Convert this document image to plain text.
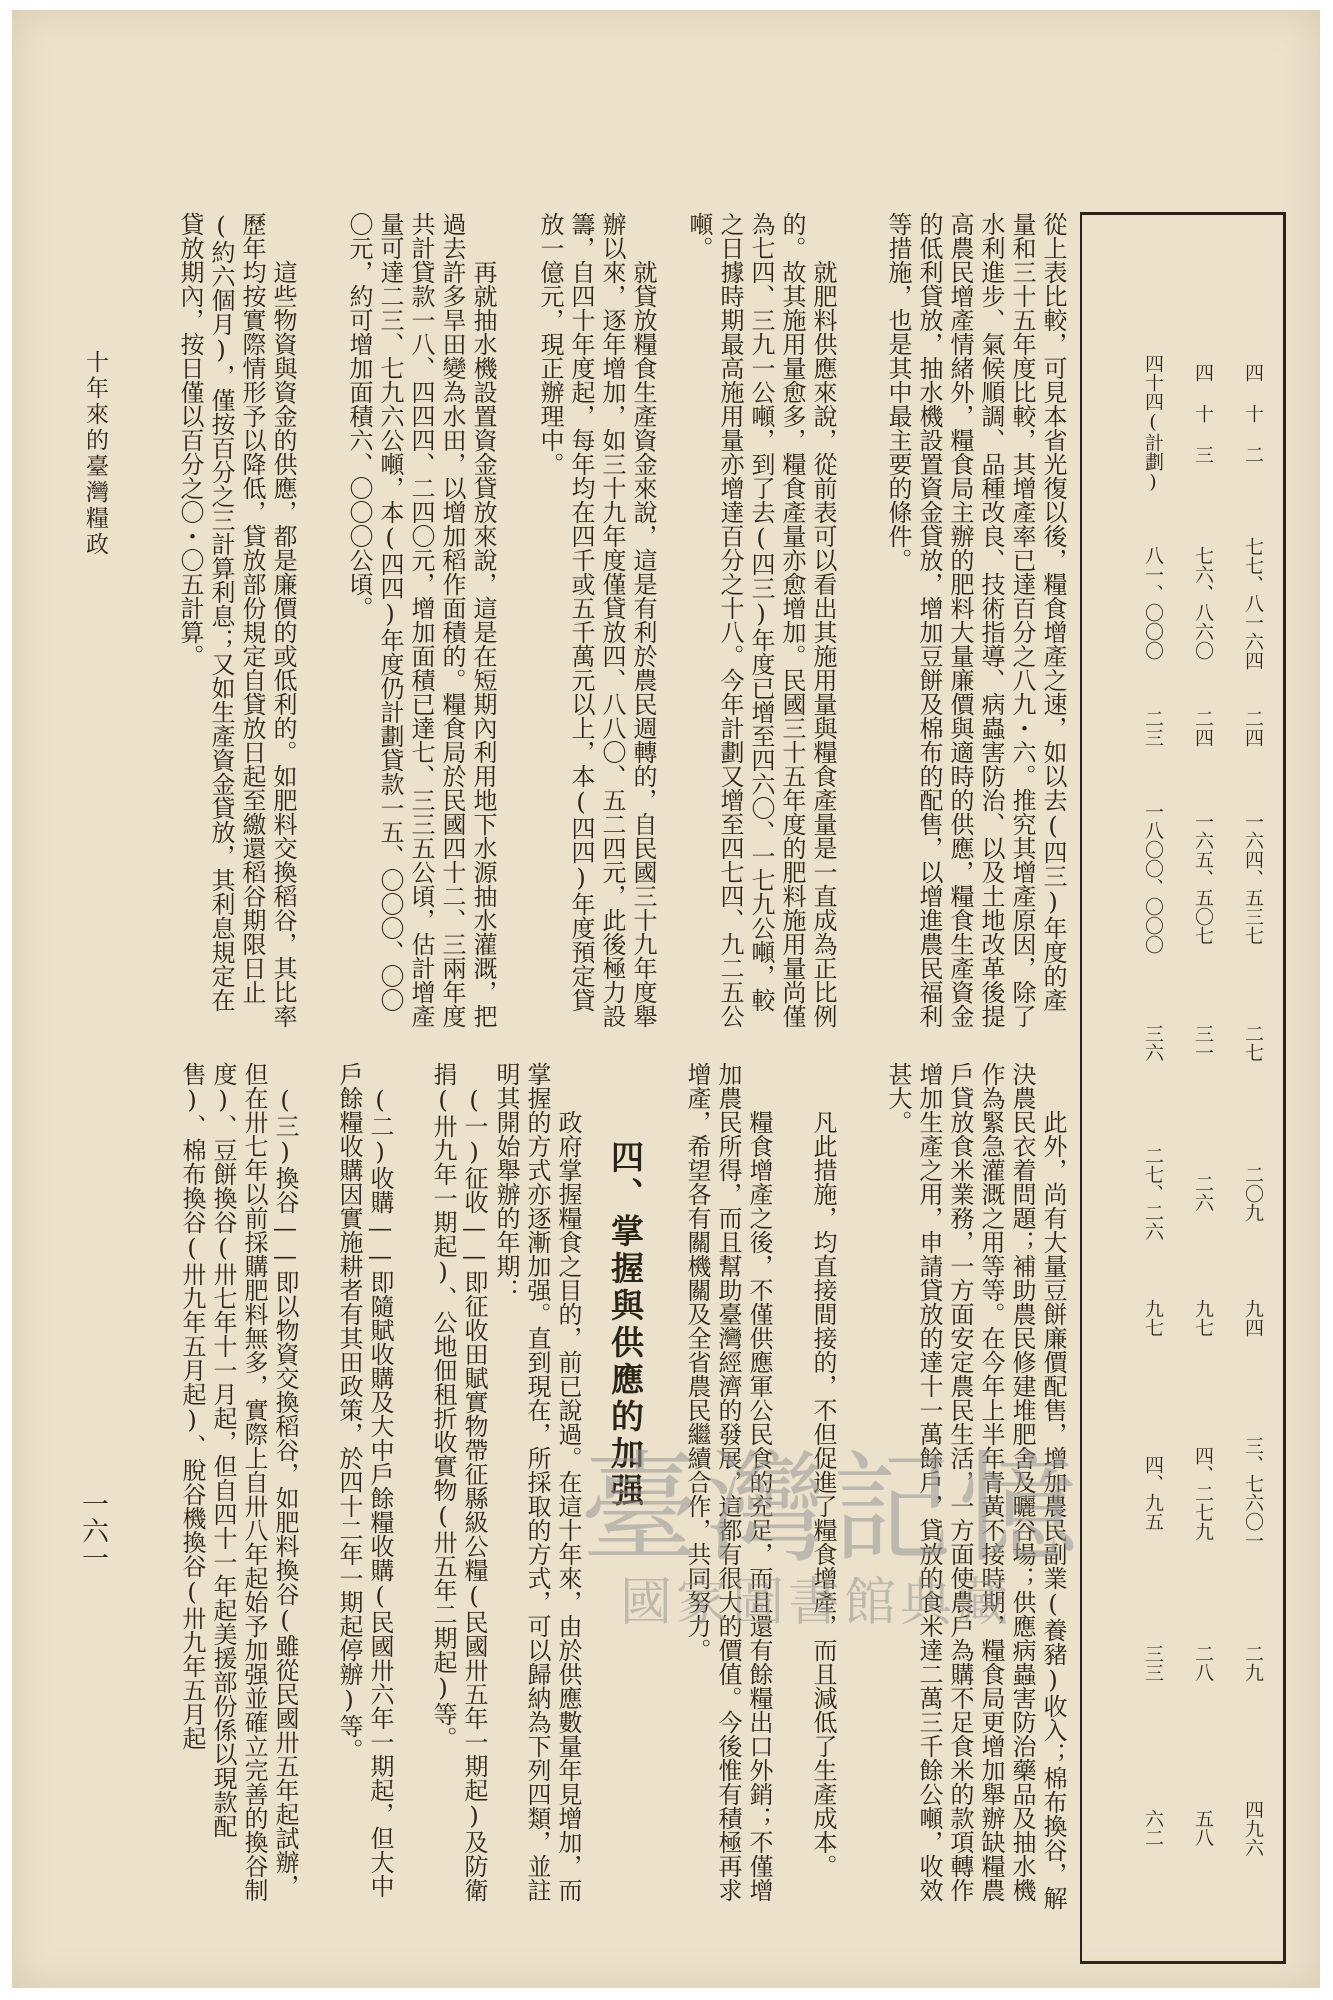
四 十 二
七七、八一六四
二四
一六四、五三七
二七
二〇九
九四
三、七六〇一
二九
四九六
四 十 三
七六、八六〇
二四
一六五、五〇七
三一
二六
九七
四、二七九
二八
五八
四十四(計劃)
八一、〇〇〇
二三
一八〇〇、〇〇〇
三六
二七、二六
九七
四、九五
三三
六二
從上表比較，可見本省光復以後，糧食增產之速，如以去(四三)年度的產量和三十五年度比較，其增產率已達百分之八九・六。推究其增產原因，除了水利進步、氣候順調、品種改良、技術指導、病蟲害防治、以及土地改革後提高農民增產情緒外，糧食局主辦的肥料大量廉價與適時的供應，糧食生產資金的低利貸放，抽水機設置資金貸放，增加豆餅及棉布的配售，以增進農民福利等措施，也是其中最主要的條件。
就肥料供應來說，從前表可以看出其施用量與糧食產量是一直成為正比例的。故其施用量愈多，糧食產量亦愈增加。民國三十五年度的肥料施用量尚僅為七四、三九一公噸，到了去(四三)年度已增至四六〇、一七九公噸，較之日據時期最高施用量亦增達百分之十八。今年計劃又增至四七四、九二五公噸。
就貸放糧食生產資金來說，這是有利於農民週轉的，自民國三十九年度舉辦以來，逐年增加，如三十九年度僅貸放四、八八〇、五二四元，此後極力設籌，自四十年度起，每年均在四千或五千萬元以上，本(四四)年度預定貸放一億元，現正辦理中。
再就抽水機設置資金貸放來說，這是在短期內利用地下水源抽水灌溉，把過去許多旱田變為水田，以增加稻作面積的。糧食局於民國四十二、三兩年度共計貸款一八、四四四、二四〇元，增加面積已達七、三三五公頃，估計增產量可達二三、七九六公噸，本(四四)年度仍計劃貸款一五、〇〇〇、〇〇〇元，約可增加面積六、〇〇〇公頃。
這些物資與資金的供應，都是廉價的或低利的。如肥料交換稻谷，其比率歷年均按實際情形予以降低，貸放部份規定自貸放日起至繳還稻谷期限日止(約六個月)，僅按百分之三計算利息；又如生產資金貸放，其利息規定在貸放期內，按日僅以百分之〇・〇五計算。
此外，尚有大量豆餅廉價配售，增加農民副業(養豬)收入；棉布換谷，解決農民衣着問題；補助農民修建堆肥舍及曬谷場；供應病蟲害防治藥品及抽水機作為緊急灌溉之用等等。在今年上半年青黃不接時期，糧食局更增加舉辦缺糧農戶貸放食米業務，一方面安定農民生活，一方面使農戶為購不足食米的款項轉作增加生產之用，申請貸放的達十一萬餘戶，貸放的食米達二萬三千餘公噸，收效甚大。
凡此措施，均直接間接的，不但促進了糧食增產，而且減低了生產成本。
糧食增產之後，不僅供應軍公民食的充足，而且還有餘糧出口外銷；不僅增加農民所得，而且幫助臺灣經濟的發展，這都有很大的價值。今後惟有積極再求增產，希望各有關機關及全省農民繼續合作，共同努力。
四、掌握與供應的加强
政府掌握糧食之目的，前已說過。在這十年來，由於供應數量年見增加，而掌握的方式亦逐漸加强。直到現在，所採取的方式，可以歸納為下列四類，並註明其開始舉辦的年期：
(一)征收——即征收田賦實物帶征縣級公糧(民國卅五年一期起)及防衛捐(卅九年一期起)、公地佃租折收實物(卅五年二期起)等。
(二)收購——即隨賦收購及大中戶餘糧收購(民國卅六年一期起，但大中戶餘糧收購因實施耕者有其田政策，於四十二年一期起停辦)等。
(三)換谷——即以物資交換稻谷，如肥料換谷(雖從民國卅五年起試辦，但在卅七年以前採購肥料無多，實際上自卅八年起始予加强並確立完善的換谷制度)、豆餅換谷(卅七年十一月起，但自四十一年起美援部份係以現款配售)、棉布換谷(卅九年五月起)、脫谷機換谷(卅九年五月起
十年來的臺灣糧政
一六一	臺灣記憶
國家圖書館典藏
